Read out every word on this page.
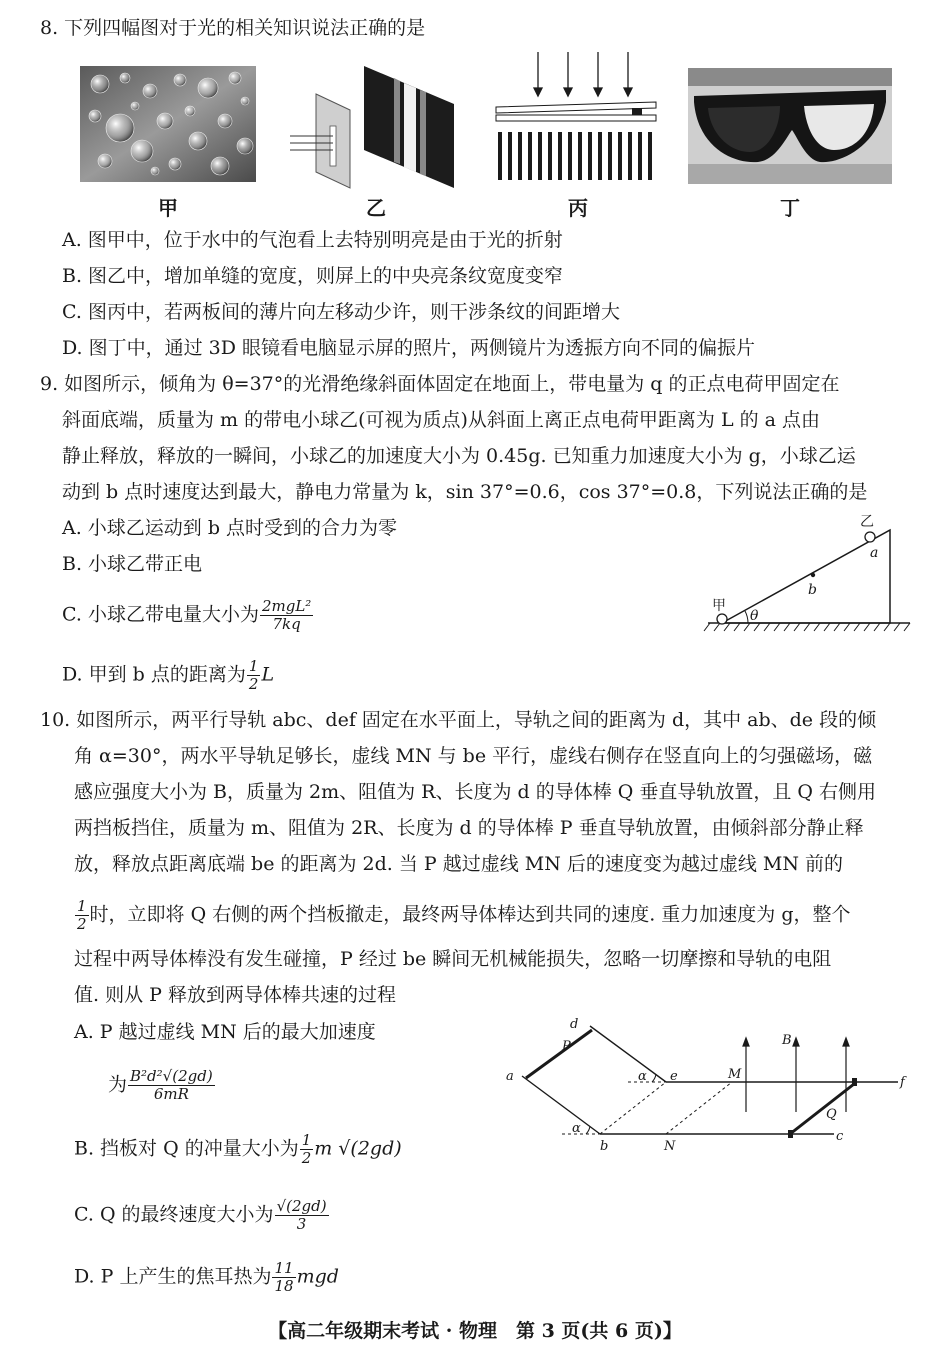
8. 下列四幅图对于光的相关知识说法正确的是
甲	乙	丙	丁
A. 图甲中，位于水中的气泡看上去特别明亮是由于光的折射
B. 图乙中，增加单缝的宽度，则屏上的中央亮条纹宽度变窄
C. 图丙中，若两板间的薄片向左移动少许，则干涉条纹的间距增大
D. 图丁中，通过 3D 眼镜看电脑显示屏的照片，两侧镜片为透振方向不同的偏振片
9. 如图所示，倾角为 θ=37°的光滑绝缘斜面体固定在地面上，带电量为 q 的正点电荷甲固定在
斜面底端，质量为 m 的带电小球乙(可视为质点)从斜面上离正点电荷甲距离为 L 的 a 点由
静止释放，释放的一瞬间，小球乙的加速度大小为 0.45g. 已知重力加速度大小为 g，小球乙运
动到 b 点时速度达到最大，静电力常量为 k，sin 37°=0.6，cos 37°=0.8，下列说法正确的是
A. 小球乙运动到 b 点时受到的合力为零
B. 小球乙带正电
C. 小球乙带电量大小为 $\frac{\text{2mgL²}}{7kq}$
D. 甲到 b 点的距离为 $\frac{1}{2}$ L
甲
乙
a
b
θ
10. 如图所示，两平行导轨 abc、def 固定在水平面上，导轨之间的距离为 d，其中 ab、de 段的倾
角 α=30°，两水平导轨足够长，虚线 MN 与 be 平行，虚线右侧存在竖直向上的匀强磁场，磁
感应强度大小为 B，质量为 2m、阻值为 R、长度为 d 的导体棒 Q 垂直导轨放置，且 Q 右侧用
两挡板挡住，质量为 m、阻值为 2R、长度为 d 的导体棒 P 垂直导轨放置，由倾斜部分静止释
放，释放点距离底端 be 的距离为 2d. 当 P 越过虚线 MN 后的速度变为越过虚线 MN 前的
$\frac{1}{2}$ 时，立即将 Q 右侧的两个挡板撤走，最终两导体棒达到共同的速度. 重力加速度为 g，整个
过程中两导体棒没有发生碰撞，P 经过 be 瞬间无机械能损失，忽略一切摩擦和导轨的电阻
值. 则从 P 释放到两导体棒共速的过程
A. P 越过虚线 MN 后的最大加速度
为 $\frac{\text{B²d²√(2gd)}}{6mR}$
B. 挡板对 Q 的冲量大小为 $\frac{1}{2}$ m √(2gd)
C. Q 的最终速度大小为 $\frac{√(2gd)}{3}$
D. P 上产生的焦耳热为 $\frac{11}{18}$ mgd
a
d
b
e	M
N
f
c
P
Q
B
α
α
【高二年级期末考试 · 物理　第 3 页(共 6 页)】
